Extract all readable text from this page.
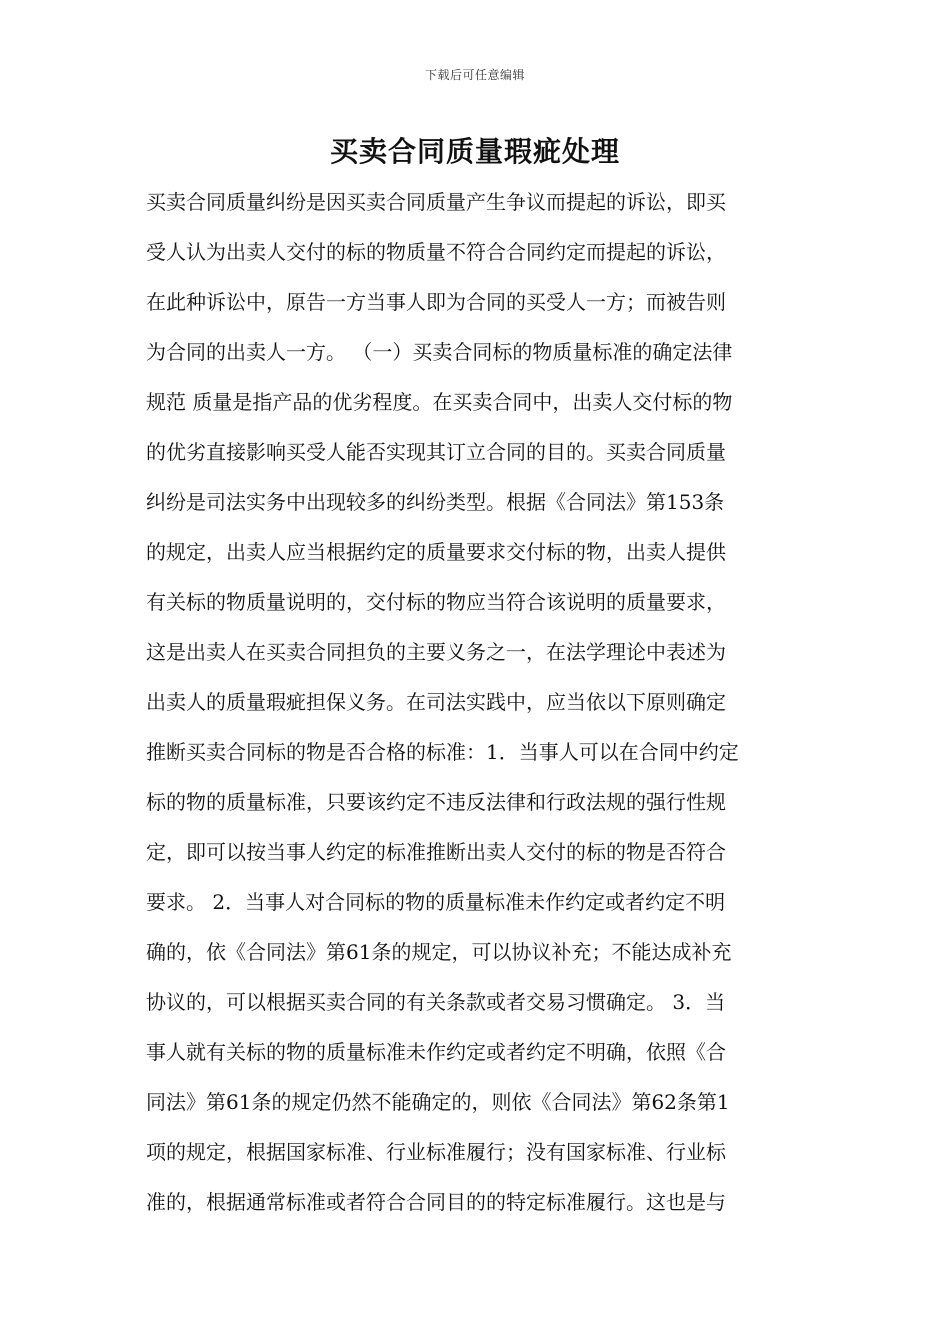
下载后可任意编辑
买卖合同质量瑕疵处理
买卖合同质量纠纷是因买卖合同质量产生争议而提起的诉讼，即买
受人认为出卖人交付的标的物质量不符合合同约定而提起的诉讼，
在此种诉讼中，原告一方当事人即为合同的买受人一方；而被告则
为合同的出卖人一方。 （一）买卖合同标的物质量标准的确定法律
规范 质量是指产品的优劣程度。在买卖合同中，出卖人交付标的物
的优劣直接影响买受人能否实现其订立合同的目的。买卖合同质量
纠纷是司法实务中出现较多的纠纷类型。根据《合同法》第153条
的规定，出卖人应当根据约定的质量要求交付标的物，出卖人提供
有关标的物质量说明的，交付标的物应当符合该说明的质量要求，
这是出卖人在买卖合同担负的主要义务之一，在法学理论中表述为
出卖人的质量瑕疵担保义务。在司法实践中，应当依以下原则确定
推断买卖合同标的物是否合格的标准：1．当事人可以在合同中约定
标的物的质量标准，只要该约定不违反法律和行政法规的强行性规
定，即可以按当事人约定的标准推断出卖人交付的标的物是否符合
要求。 2．当事人对合同标的物的质量标准未作约定或者约定不明
确的，依《合同法》第61条的规定，可以协议补充；不能达成补充
协议的，可以根据买卖合同的有关条款或者交易习惯确定。 3．当
事人就有关标的物的质量标准未作约定或者约定不明确，依照《合
同法》第61条的规定仍然不能确定的，则依《合同法》第62条第1
项的规定，根据国家标准、行业标准履行；没有国家标准、行业标
准的，根据通常标准或者符合合同目的的特定标准履行。这也是与
